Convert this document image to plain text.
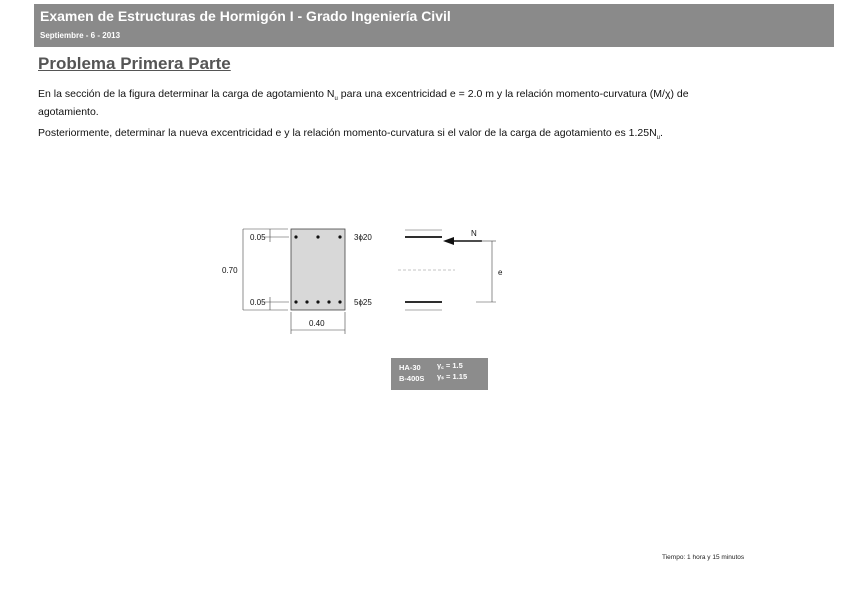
Examen de Estructuras de Hormigón I - Grado Ingeniería Civil
Septiembre - 6 - 2013
Problema Primera Parte
En la sección de la figura determinar la carga de agotamiento $N_u$ para una excentricidad e = 2.0 m y la relación momento-curvatura (M/χ) de agotamiento.
Posteriormente, determinar la nueva excentricidad e y la relación momento-curvatura si el valor de la carga de agotamiento es $1.25N_u$.
0.05
0.70
0.05
0.40
3ϕ20
5ϕ25
N
e
HA-30
B-400S
γ꜀ = 1.5
γₛ = 1.15
Tiempo: 1 hora y 15 minutos
